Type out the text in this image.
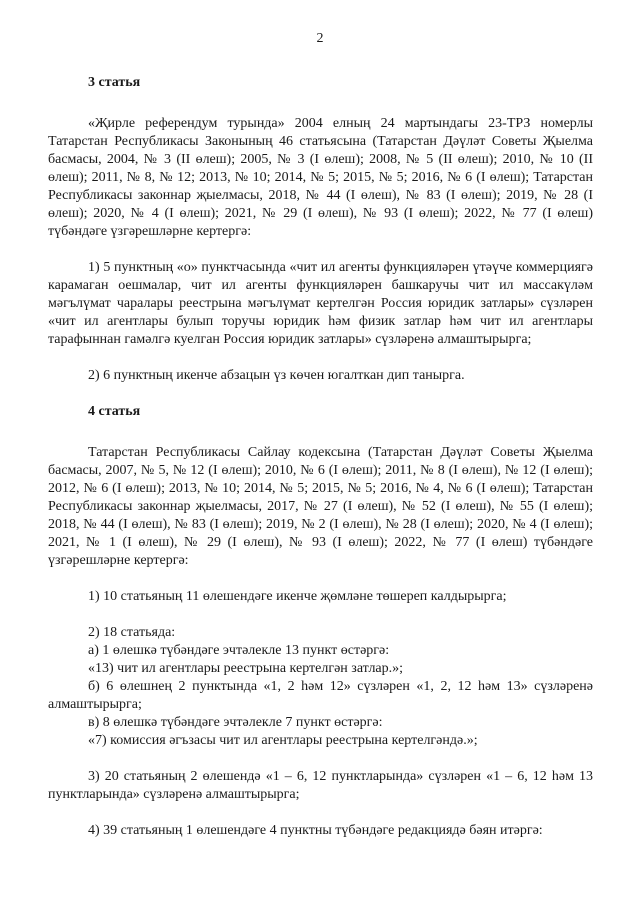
2

3 статья

«Җирле референдум турында» 2004 елның 24 мартындагы 23-ТРЗ номерлы Татарстан Республикасы Законының 46 статьясына (Татарстан Дәүләт Советы Җыелма басмасы, 2004, № 3 (II өлеш); 2005, № 3 (I өлеш); 2008, № 5 (II өлеш); 2010, № 10 (II өлеш); 2011, № 8, № 12; 2013, № 10; 2014, № 5; 2015, № 5; 2016, № 6 (I өлеш); Татарстан Республикасы законнар җыелмасы, 2018, № 44 (I өлеш), № 83 (I өлеш); 2019, № 28 (I өлеш); 2020, № 4 (I өлеш); 2021, № 29 (I өлеш), № 93 (I өлеш); 2022, № 77 (I өлеш) түбәндәге үзгәрешләрне кертергә:

1) 5 пунктның «о» пунктчасында «чит ил агенты функцияләрен үтәүче коммерциягә карамаган оешмалар, чит ил агенты функцияләрен башкаручы чит ил массакүләм мәгълүмат чаралары реестрына мәгълүмат кертелгән Россия юридик затлары» сүзләрен «чит ил агентлары булып торучы юридик һәм физик затлар һәм чит ил агентлары тарафыннан гамәлгә куелган Россия юридик затлары» сүзләренә алмаштырырга;

2) 6 пунктның икенче абзацын үз көчен югалткан дип танырга.

4 статья

Татарстан Республикасы Сайлау кодексына (Татарстан Дәүләт Советы Җыелма басмасы, 2007, № 5, № 12 (I өлеш); 2010, № 6 (I өлеш); 2011, № 8 (I өлеш), № 12 (I өлеш); 2012, № 6 (I өлеш); 2013, № 10; 2014, № 5; 2015, № 5; 2016, № 4, № 6 (I өлеш); Татарстан Республикасы законнар җыелмасы, 2017, № 27 (I өлеш), № 52 (I өлеш), № 55 (I өлеш); 2018, № 44 (I өлеш), № 83 (I өлеш); 2019, № 2 (I өлеш), № 28 (I өлеш); 2020, № 4 (I өлеш); 2021, № 1 (I өлеш), № 29 (I өлеш), № 93 (I өлеш); 2022, № 77 (I өлеш) түбәндәге үзгәрешләрне кертергә:

1) 10 статьяның 11 өлешендәге икенче җөмләне төшереп калдырырга;

2) 18 статьяда:

а) 1 өлешкә түбәндәге эчтәлекле 13 пункт өстәргә:

«13) чит ил агентлары реестрына кертелгән затлар.»;

б) 6 өлешнең 2 пунктында «1, 2 һәм 12» сүзләрен «1, 2, 12 һәм 13» сүзләренә алмаштырырга;

в) 8 өлешкә түбәндәге эчтәлекле 7 пункт өстәргә:

«7) комиссия әгъзасы чит ил агентлары реестрына кертелгәндә.»;

3) 20 статьяның 2 өлешендә «1 – 6, 12 пунктларында» сүзләрен «1 – 6, 12 һәм 13 пунктларында» сүзләренә алмаштырырга;

4) 39 статьяның 1 өлешендәге 4 пунктны түбәндәге редакциядә бәян итәргә:
